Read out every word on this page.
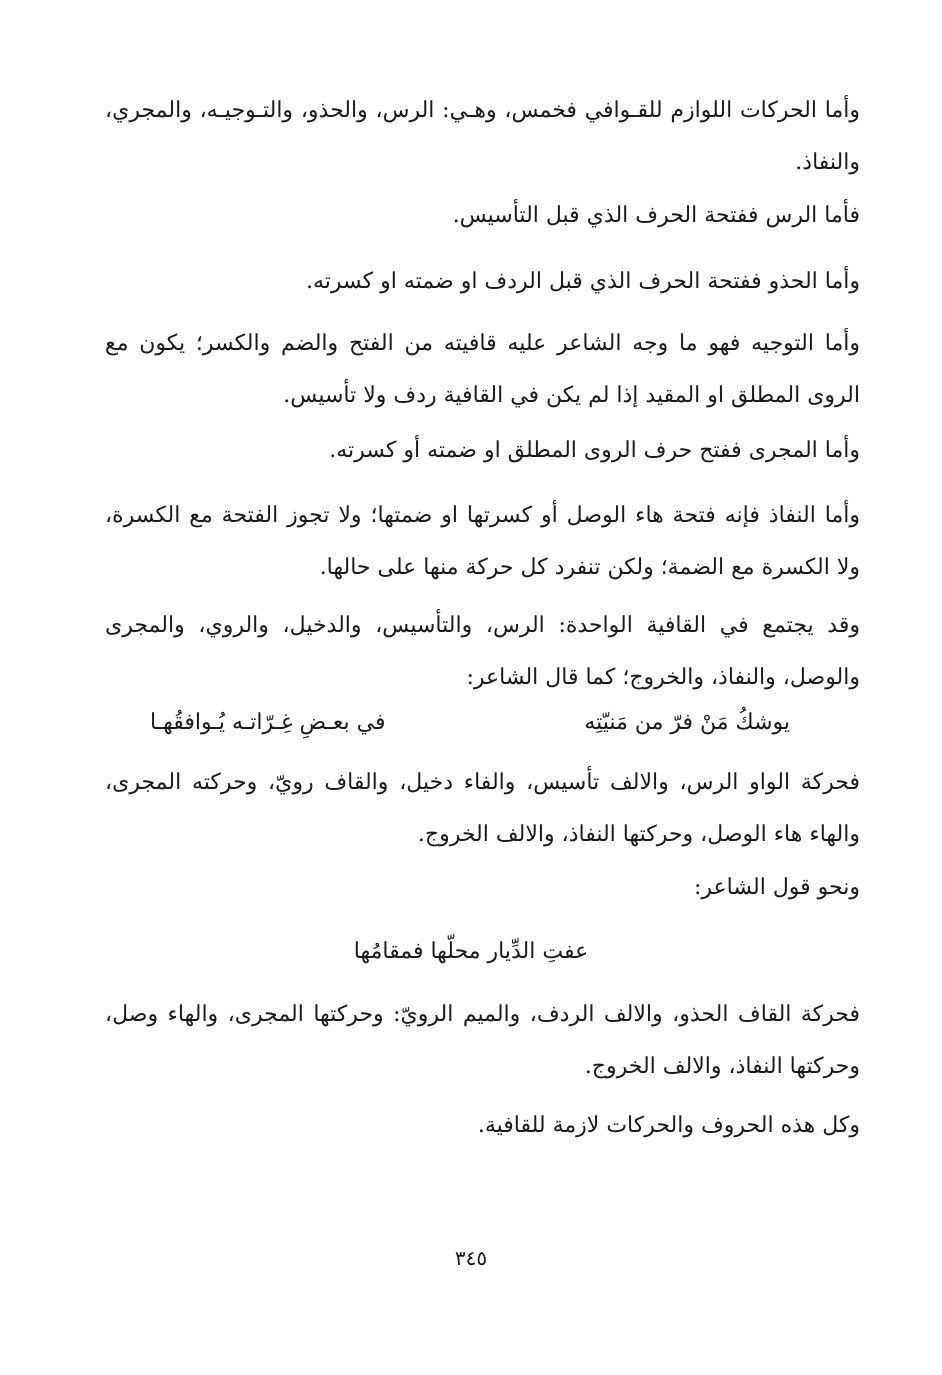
وأما الحركات اللوازم للقـوافي فخمس، وهـي: الرس، والحذو، والتـوجيـه، والمجري، والنفاذ.

فأما الرس ففتحة الحرف الذي قبل التأسيس.

وأما الحذو ففتحة الحرف الذي قبل الردف او ضمته او كسرته.

وأما التوجيه فهو ما وجه الشاعر عليه قافيته من الفتح والضم والكسر؛ يكون مع الروى المطلق او المقيد إذا لم يكن في القافية ردف ولا تأسيس.

وأما المجرى ففتح حرف الروى المطلق او ضمته أو كسرته.

وأما النفاذ فإنه فتحة هاء الوصل أو كسرتها او ضمتها؛ ولا تجوز الفتحة مع الكسرة، ولا الكسرة مع الضمة؛ ولكن تنفرد كل حركة منها على حالها.

وقد يجتمع في القافية الواحدة: الرس، والتأسيس، والدخيل، والروي، والمجرى والوصل، والنفاذ، والخروج؛ كما قال الشاعر:

يوشكُ مَنْ فرّ من مَنيّتِه
في بعـضِ غِـرّاتـه يُـوافقُهـا

فحركة الواو الرس، والالف تأسيس، والفاء دخيل، والقاف رويّ، وحركته المجرى، والهاء هاء الوصل، وحركتها النفاذ، والالف الخروج.

ونحو قول الشاعر:

عفتِ الدِّيار محلّها فمقامُها

فحركة القاف الحذو، والالف الردف، والميم الرويّ: وحركتها المجرى، والهاء وصل، وحركتها النفاذ، والالف الخروج.

وكل هذه الحروف والحركات لازمة للقافية.

٣٤٥
